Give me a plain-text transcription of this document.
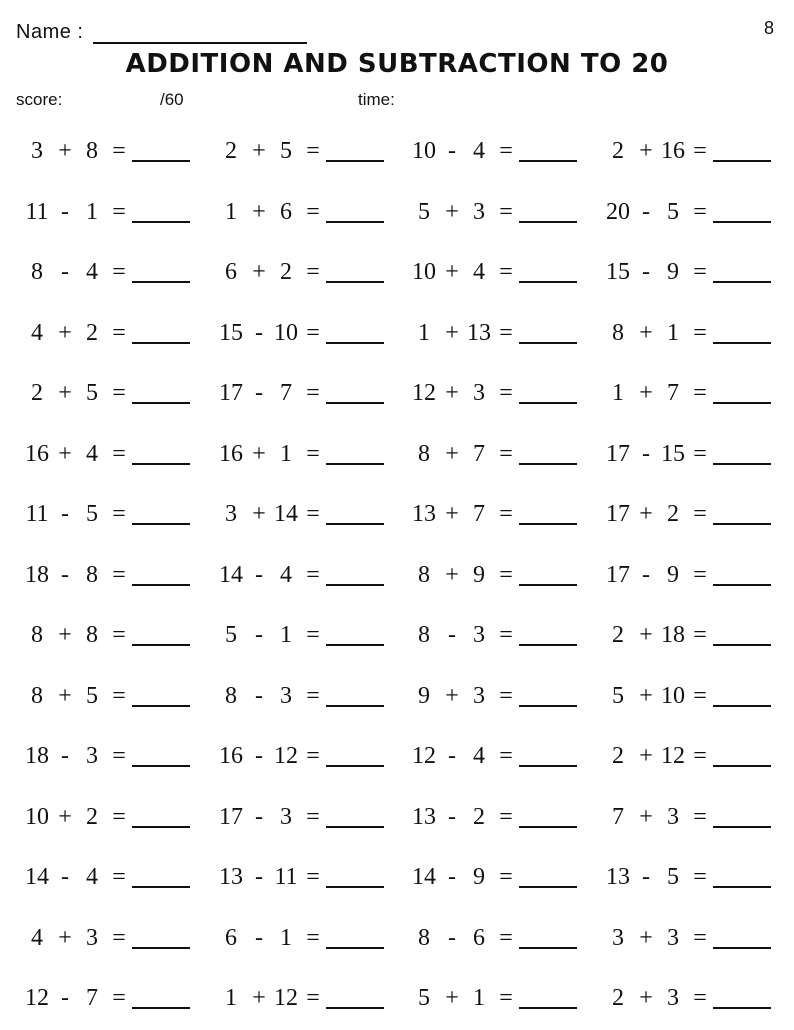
Name :	8
ADDITION AND SUBTRACTION TO 20
score:	/60	time:
3 + 8 =	2 + 5 =	10 - 4 =	2 + 16 =
11 - 1 =	1 + 6 =	5 + 3 =	20 - 5 =
8 - 4 =	6 + 2 =	10 + 4 =	15 - 9 =
4 + 2 =	15 - 10 =	1 + 13 =	8 + 1 =
2 + 5 =	17 - 7 =	12 + 3 =	1 + 7 =
16 + 4 =	16 + 1 =	8 + 7 =	17 - 15 =
11 - 5 =	3 + 14 =	13 + 7 =	17 + 2 =
18 - 8 =	14 - 4 =	8 + 9 =	17 - 9 =
8 + 8 =	5 - 1 =	8 - 3 =	2 + 18 =
8 + 5 =	8 - 3 =	9 + 3 =	5 + 10 =
18 - 3 =	16 - 12 =	12 - 4 =	2 + 12 =
10 + 2 =	17 - 3 =	13 - 2 =	7 + 3 =
14 - 4 =	13 - 11 =	14 - 9 =	13 - 5 =
4 + 3 =	6 - 1 =	8 - 6 =	3 + 3 =
12 - 7 =	1 + 12 =	5 + 1 =	2 + 3 =
